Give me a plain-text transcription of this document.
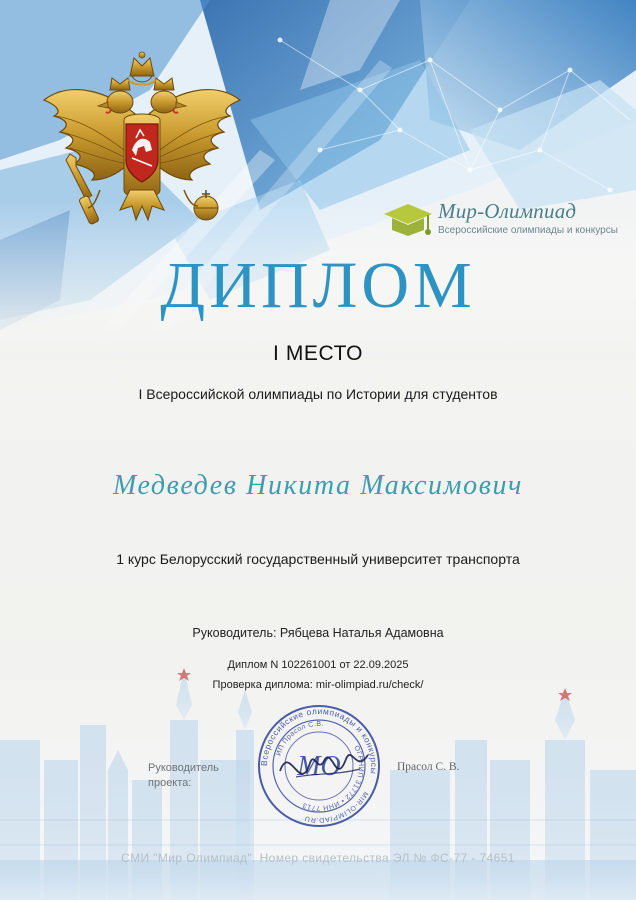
Мир-Олимпиад
Всероссийские олимпиады и конкурсы
ДИПЛОМ
I МЕСТО
I Всероссийской олимпиады по Истории для студентов
Медведев Никита Максимович
1 курс Белорусский государственный университет транспорта
Руководитель: Рябцева Наталья Адамовна
Диплом N 102261001 от 22.09.2025
Проверка диплома: mir-olimpiad.ru/check/
Руководитель проекта:
Всероссийские олимпиады и конкурсы
ИП Прасол С.В.
ОГРНИП 31772 • ИНН 7713
MIR-OLIMPIAD.RU
МО	Прасол С. В.
СМИ "Мир Олимпиад". Номер свидетельства ЭЛ № ФС-77 - 74651
